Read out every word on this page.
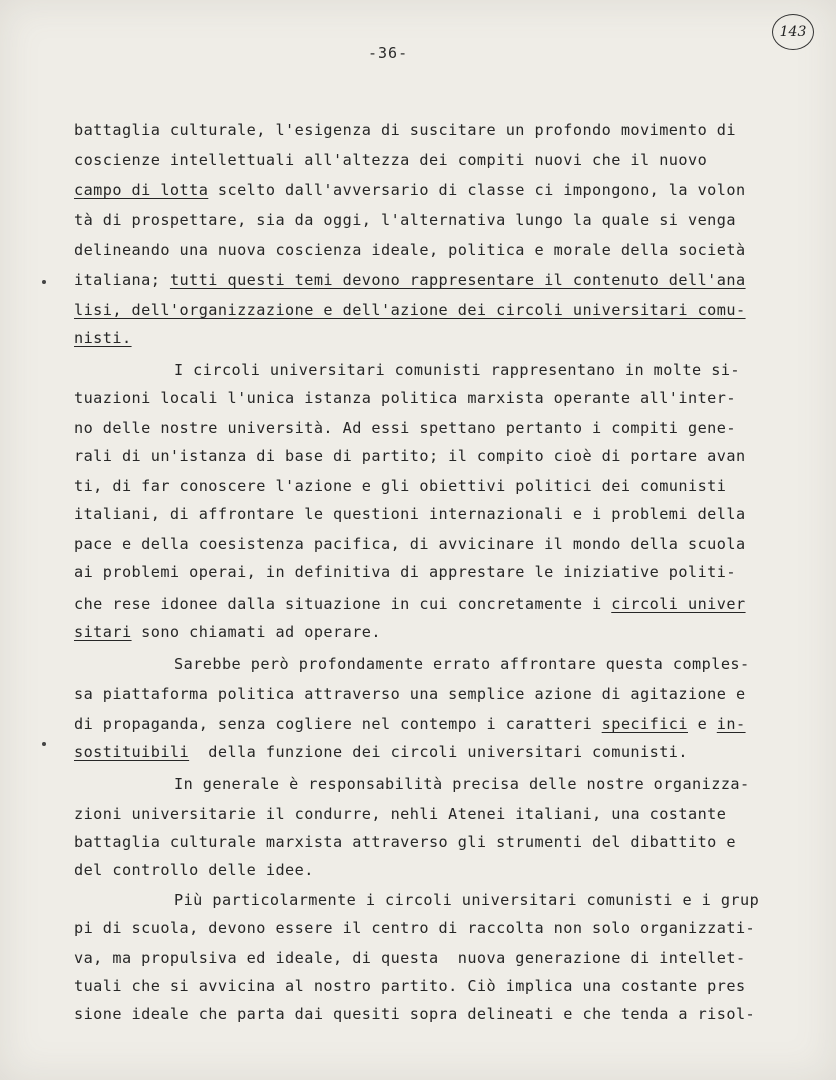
-36-
143
battaglia culturale, l'esigenza di suscitare un profondo movimento di
coscienze intellettuali all'altezza dei compiti nuovi che il nuovo
campo di lotta scelto dall'avversario di classe ci impongono, la volon
tà di prospettare, sia da oggi, l'alternativa lungo la quale si venga
delineando una nuova coscienza ideale, politica e morale della società
italiana; tutti questi temi devono rappresentare il contenuto dell'ana
lisi, dell'organizzazione e dell'azione dei circoli universitari comu-
nisti.
I circoli universitari comunisti rappresentano in molte si-
tuazioni locali l'unica istanza politica marxista operante all'inter-
no delle nostre università. Ad essi spettano pertanto i compiti gene-
rali di un'istanza di base di partito; il compito cioè di portare avan
ti, di far conoscere l'azione e gli obiettivi politici dei comunisti
italiani, di affrontare le questioni internazionali e i problemi della
pace e della coesistenza pacifica, di avvicinare il mondo della scuola
ai problemi operai, in definitiva di apprestare le iniziative politi-
che rese idonee dalla situazione in cui concretamente i circoli univer
sitari sono chiamati ad operare.
Sarebbe però profondamente errato affrontare questa comples-
sa piattaforma politica attraverso una semplice azione di agitazione e
di propaganda, senza cogliere nel contempo i caratteri specifici e in-
sostituibili  della funzione dei circoli universitari comunisti.
In generale è responsabilità precisa delle nostre organizza-
zioni universitarie il condurre, nehli Atenei italiani, una costante
battaglia culturale marxista attraverso gli strumenti del dibattito e
del controllo delle idee.
Più particolarmente i circoli universitari comunisti e i grup
pi di scuola, devono essere il centro di raccolta non solo organizzati-
va, ma propulsiva ed ideale, di questa  nuova generazione di intellet-
tuali che si avvicina al nostro partito. Ciò implica una costante pres
sione ideale che parta dai quesiti sopra delineati e che tenda a risol-
